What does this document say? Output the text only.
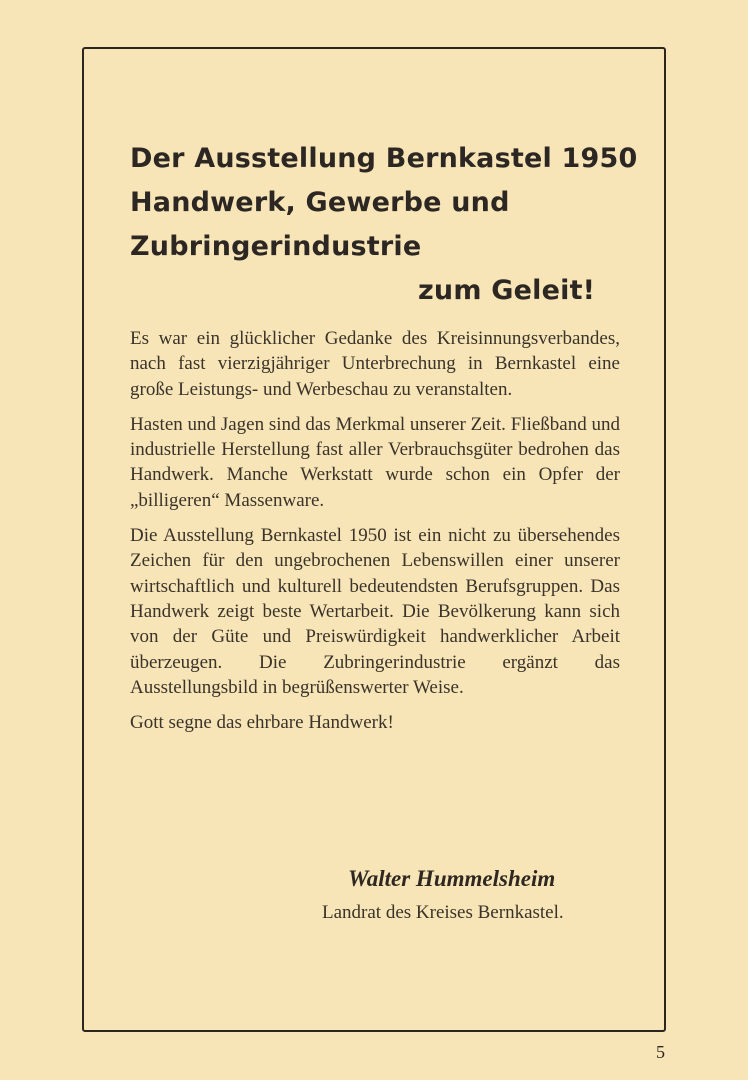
Der Ausstellung Bernkastel 1950
Handwerk, Gewerbe und
Zubringerindustrie
zum Geleit!

Es war ein glücklicher Gedanke des Kreisinnungsverbandes, nach fast vierzigjähriger Unterbrechung in Bernkastel eine große Leistungs- und Werbeschau zu veranstalten.

Hasten und Jagen sind das Merkmal unserer Zeit. Fließband und industrielle Herstellung fast aller Verbrauchsgüter bedrohen das Handwerk. Manche Werkstatt wurde schon ein Opfer der „billigeren“ Massenware.

Die Ausstellung Bernkastel 1950 ist ein nicht zu übersehendes Zeichen für den ungebrochenen Lebenswillen einer unserer wirtschaftlich und kulturell bedeutendsten Berufsgruppen. Das Handwerk zeigt beste Wertarbeit. Die Bevölkerung kann sich von der Güte und Preiswürdigkeit handwerklicher Arbeit überzeugen. Die Zubringerindustrie ergänzt das Ausstellungsbild in begrüßenswerter Weise.

Gott segne das ehrbare Handwerk!

Walter Hummelsheim
Landrat des Kreises Bernkastel.
5
